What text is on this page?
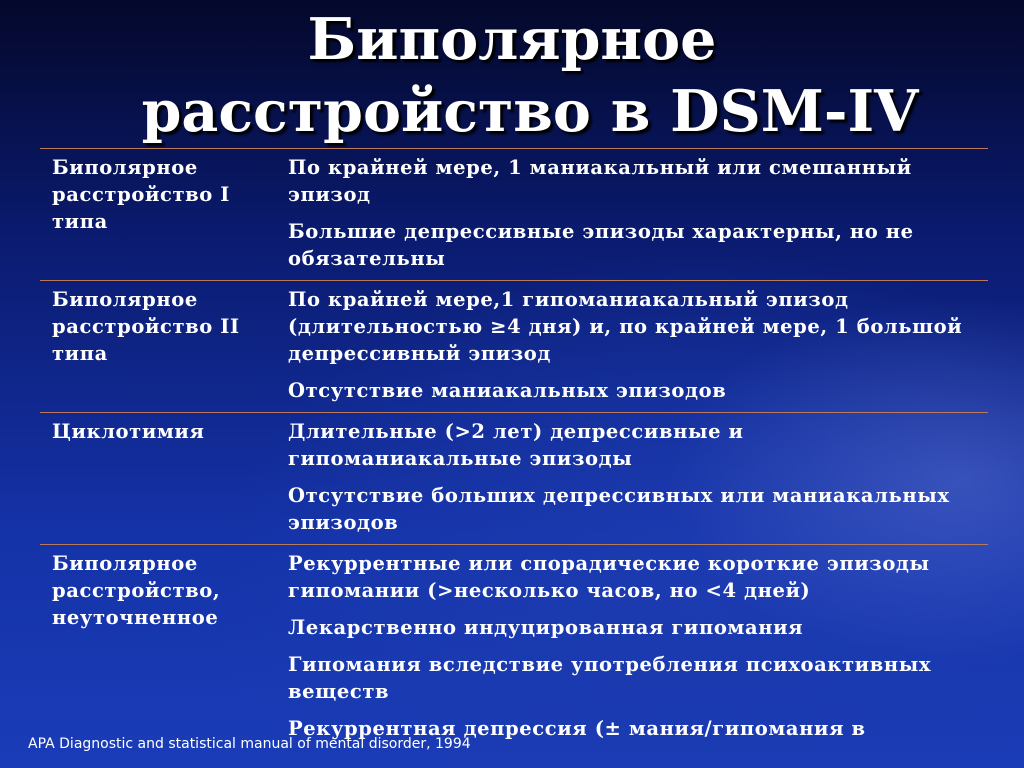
Биполярное
расстройство в DSM-IV
Биполярное расстройство I типа	По крайней мере, 1 маниакальный или смешанный эпизод
Большие депрессивные эпизоды характерны, но не обязательны

Биполярное расстройство II типа	По крайней мере,1 гипоманиакальный эпизод (длительностью ≥4 дня) и, по крайней мере, 1 большой депрессивный эпизод
Отсутствие маниакальных эпизодов

Циклотимия	Длительные (>2 лет) депрессивные и гипоманиакальные эпизоды
Отсутствие больших депрессивных или маниакальных эпизодов

Биполярное расстройство, неуточненное	Рекуррентные или спорадические короткие эпизоды гипомании (>несколько часов, но <4 дней)
Лекарственно индуцированная гипомания
Гипомания вследствие употребления психоактивных веществ
Рекуррентная депрессия (± мания/гипомания в
APA Diagnostic and statistical manual of mental disorder, 1994
